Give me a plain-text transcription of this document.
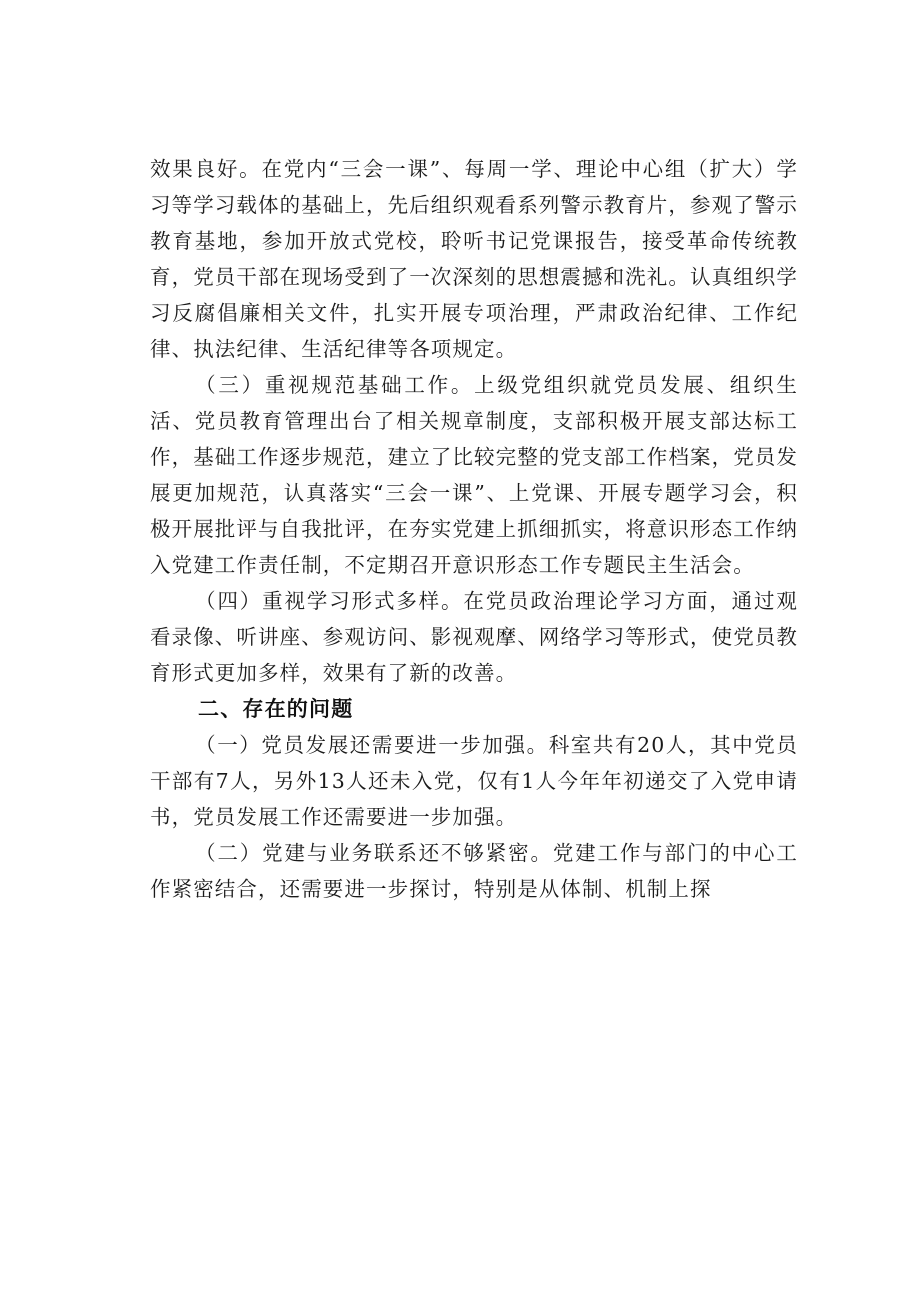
效果良好。在党内“三会一课”、每周一学、理论中心组（扩大）学习等学习载体的基础上，先后组织观看系列警示教育片，参观了警示教育基地，参加开放式党校，聆听书记党课报告，接受革命传统教育，党员干部在现场受到了一次深刻的思想震撼和洗礼。认真组织学习反腐倡廉相关文件，扎实开展专项治理，严肃政治纪律、工作纪律、执法纪律、生活纪律等各项规定。

（三）重视规范基础工作。上级党组织就党员发展、组织生活、党员教育管理出台了相关规章制度，支部积极开展支部达标工作，基础工作逐步规范，建立了比较完整的党支部工作档案，党员发展更加规范，认真落实“三会一课”、上党课、开展专题学习会，积极开展批评与自我批评，在夯实党建上抓细抓实，将意识形态工作纳入党建工作责任制，不定期召开意识形态工作专题民主生活会。

（四）重视学习形式多样。在党员政治理论学习方面，通过观看录像、听讲座、参观访问、影视观摩、网络学习等形式，使党员教育形式更加多样，效果有了新的改善。

二、存在的问题

（一）党员发展还需要进一步加强。科室共有20人，其中党员干部有7人，另外13人还未入党，仅有1人今年年初递交了入党申请书，党员发展工作还需要进一步加强。

（二）党建与业务联系还不够紧密。党建工作与部门的中心工作紧密结合，还需要进一步探讨，特别是从体制、机制上探
